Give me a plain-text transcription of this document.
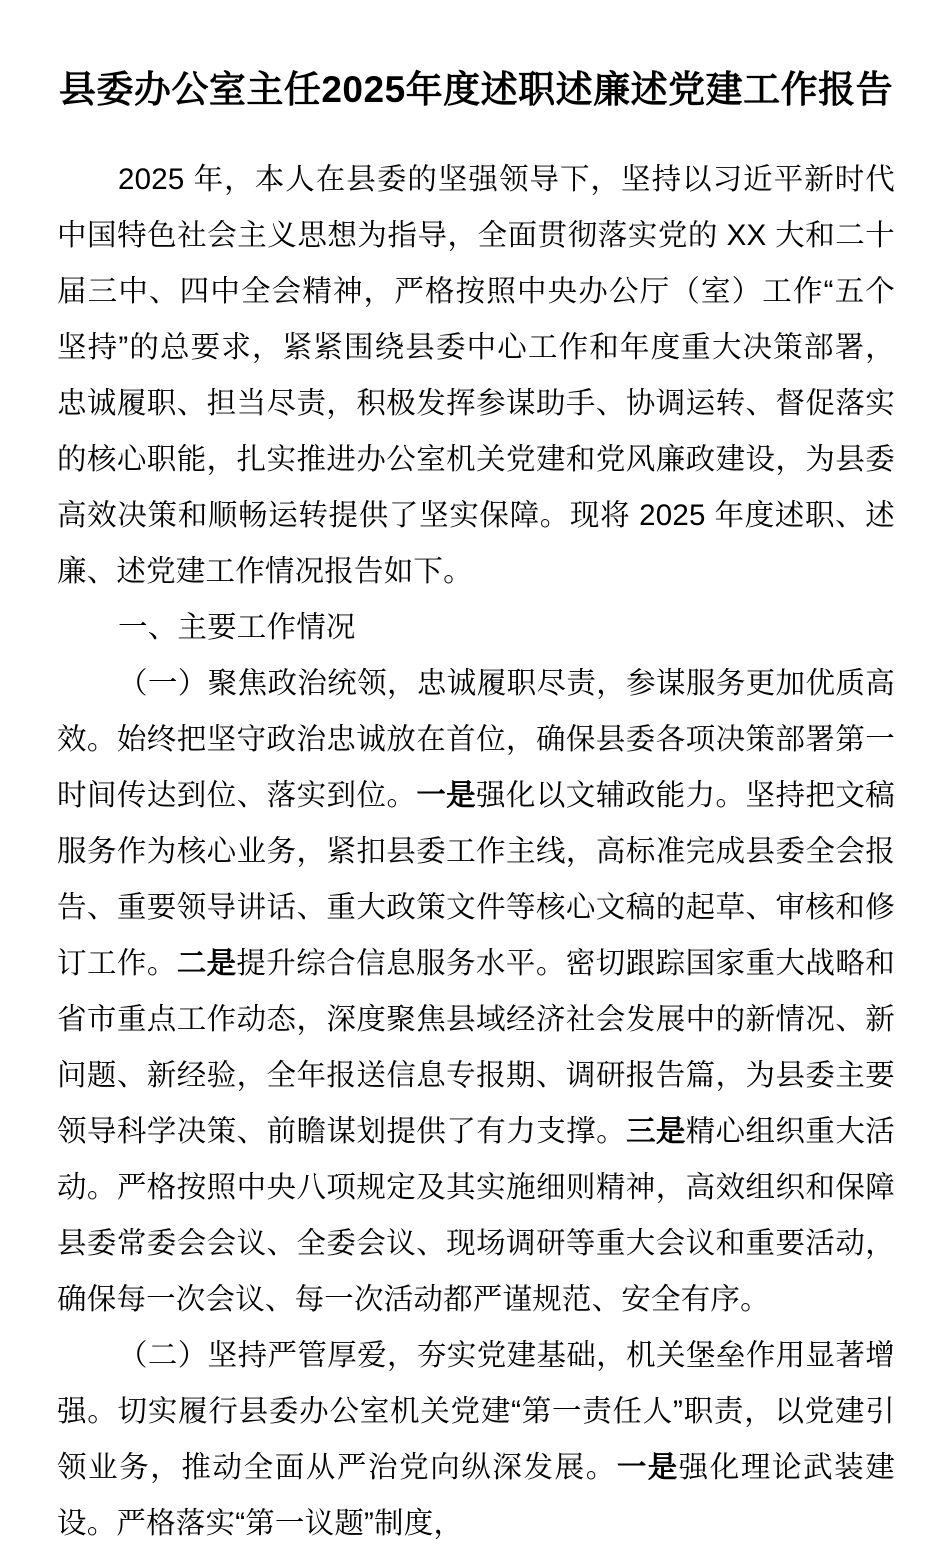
县委办公室主任2025年度述职述廉述党建工作报告

2025 年，本人在县委的坚强领导下，坚持以习近平新时代中国特色社会主义思想为指导，全面贯彻落实党的 XX 大和二十届三中、四中全会精神，严格按照中央办公厅（室）工作“五个坚持”的总要求，紧紧围绕县委中心工作和年度重大决策部署，忠诚履职、担当尽责，积极发挥参谋助手、协调运转、督促落实的核心职能，扎实推进办公室机关党建和党风廉政建设，为县委高效决策和顺畅运转提供了坚实保障。现将 2025 年度述职、述廉、述党建工作情况报告如下。

一、主要工作情况

（一）聚焦政治统领，忠诚履职尽责，参谋服务更加优质高效。始终把坚守政治忠诚放在首位，确保县委各项决策部署第一时间传达到位、落实到位。一是强化以文辅政能力。坚持把文稿服务作为核心业务，紧扣县委工作主线，高标准完成县委全会报告、重要领导讲话、重大政策文件等核心文稿的起草、审核和修订工作。二是提升综合信息服务水平。密切跟踪国家重大战略和省市重点工作动态，深度聚焦县域经济社会发展中的新情况、新问题、新经验，全年报送信息专报期、调研报告篇，为县委主要领导科学决策、前瞻谋划提供了有力支撑。三是精心组织重大活动。严格按照中央八项规定及其实施细则精神，高效组织和保障县委常委会会议、全委会议、现场调研等重大会议和重要活动，确保每一次会议、每一次活动都严谨规范、安全有序。

（二）坚持严管厚爱，夯实党建基础，机关堡垒作用显著增强。切实履行县委办公室机关党建“第一责任人”职责，以党建引领业务，推动全面从严治党向纵深发展。一是强化理论武装建设。严格落实“第一议题”制度，
